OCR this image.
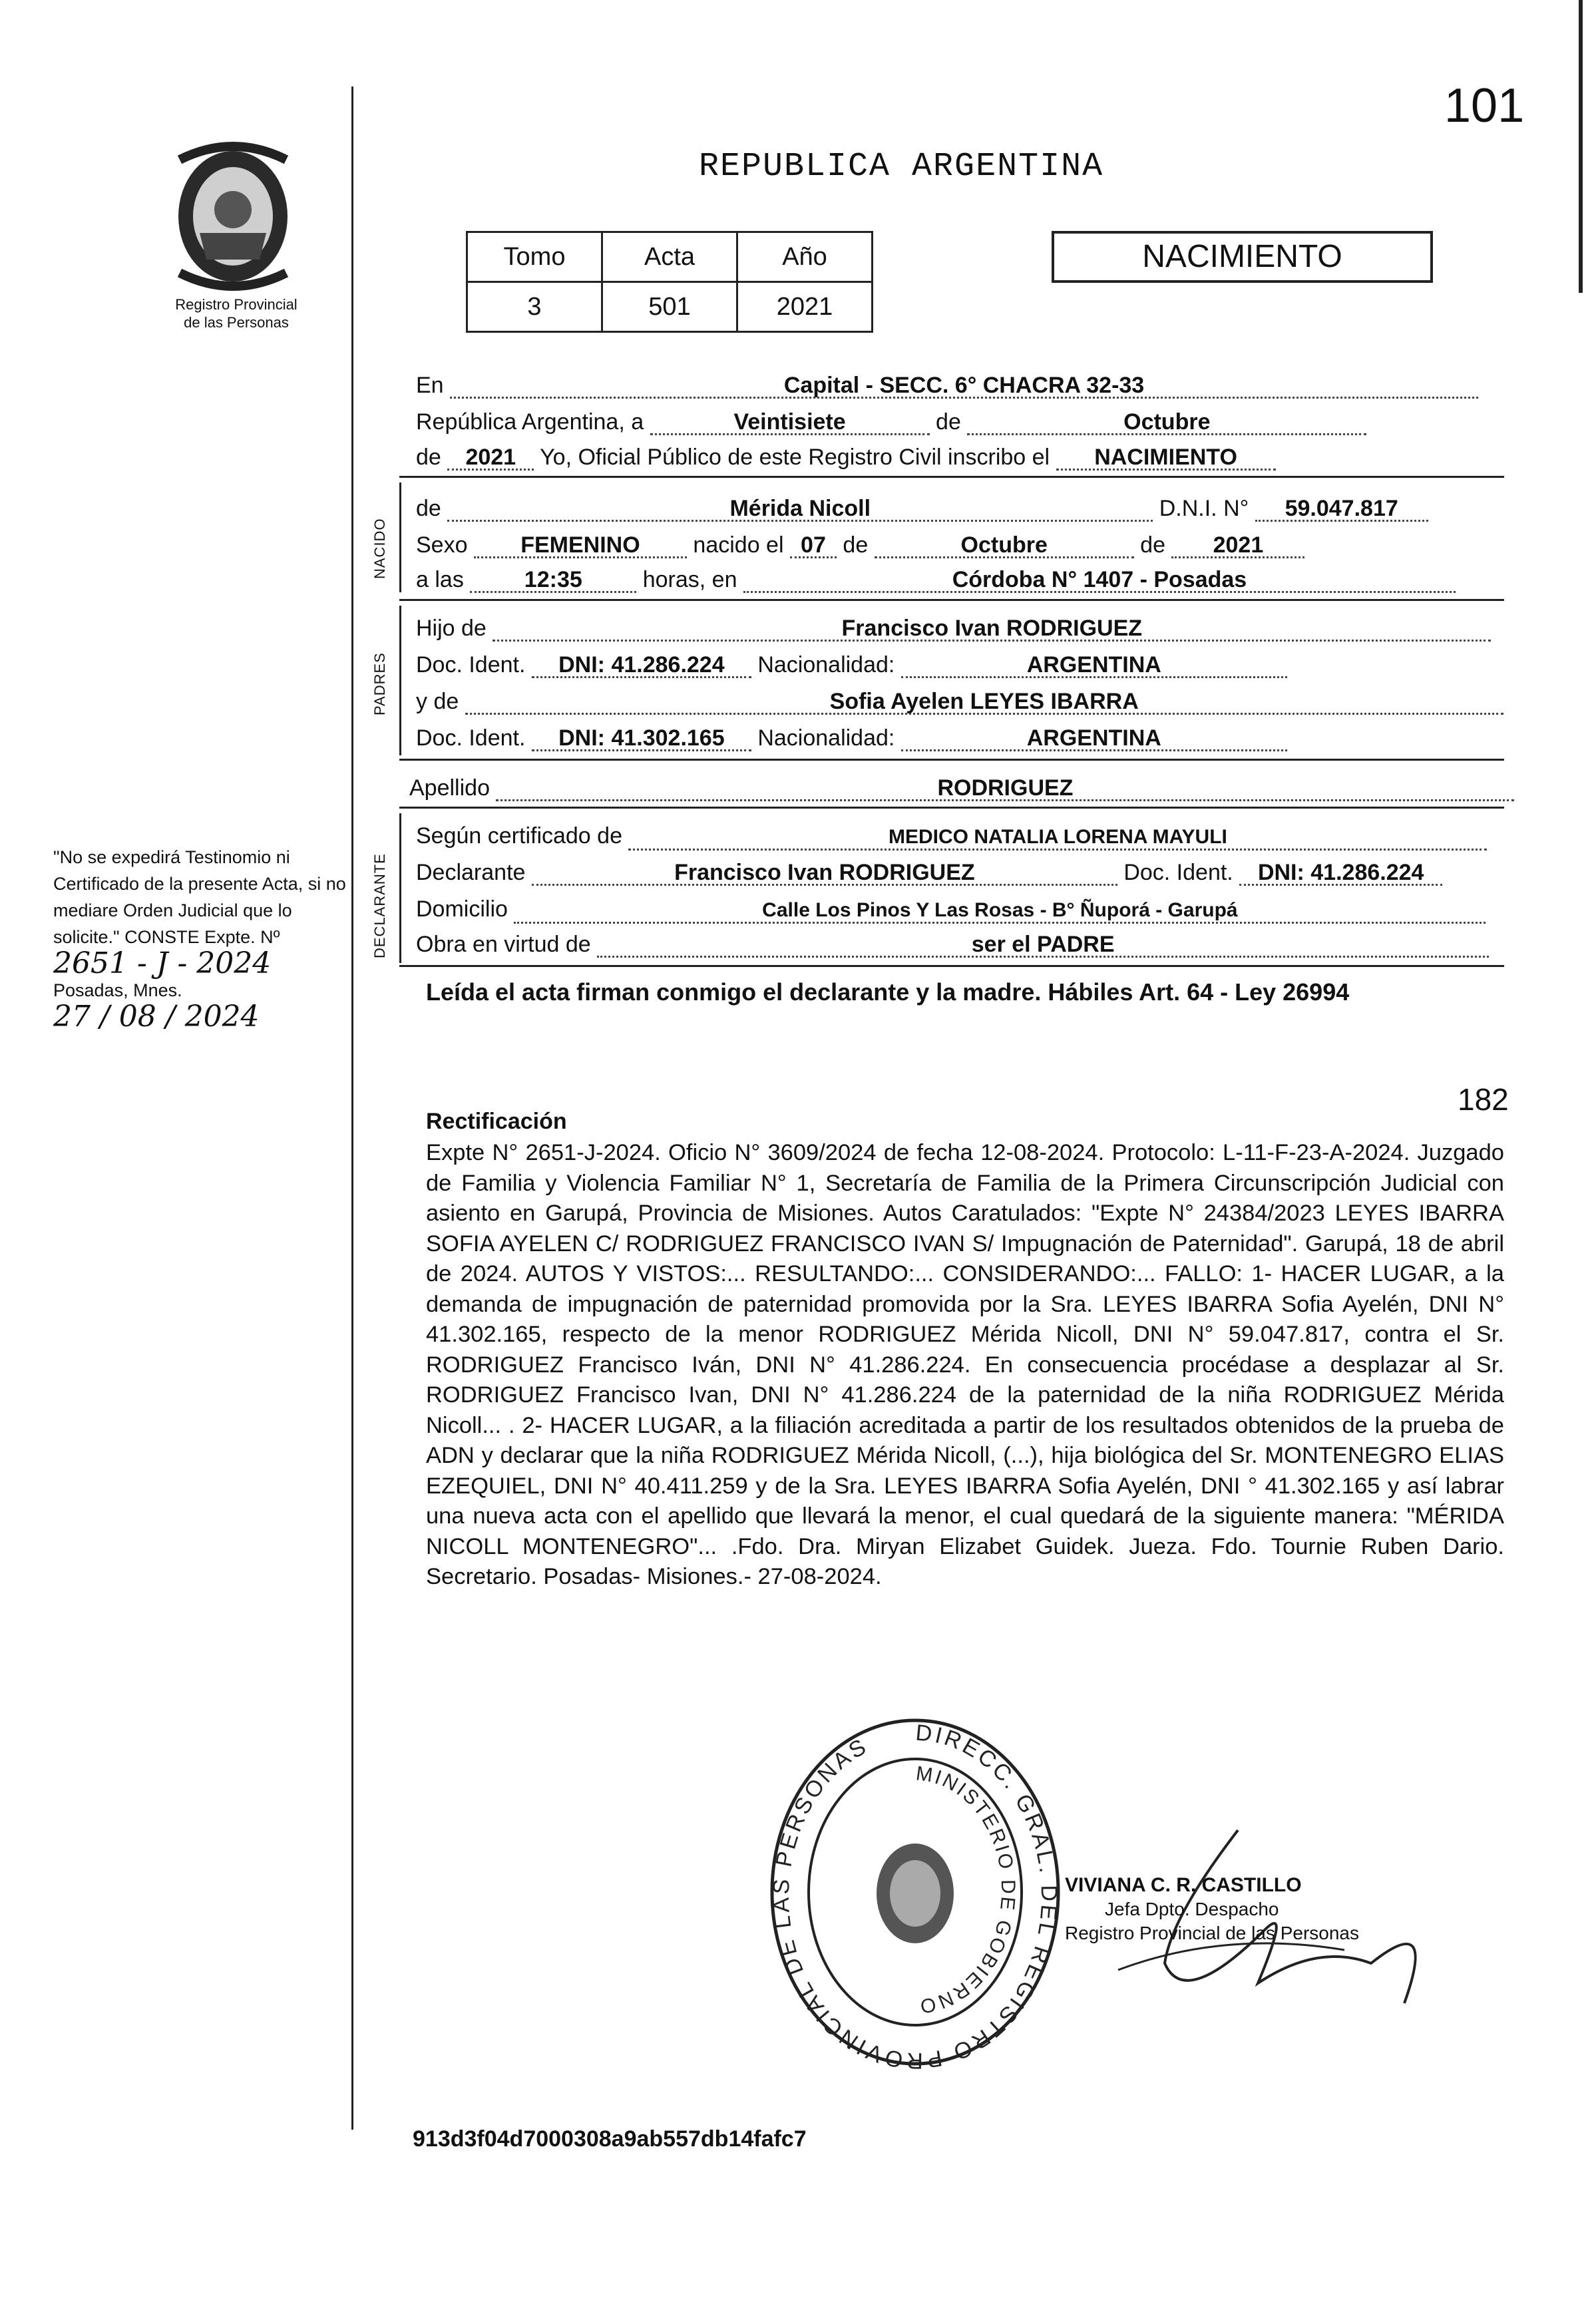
101
Registro Provincial
de las Personas
REPUBLICA ARGENTINA
Tomo	Acta	Año
3	501	2021
NACIMIENTO
En	Capital - SECC. 6° CHACRA 32-33
República Argentina, a	Veintisiete	de	Octubre
de 2021 Yo, Oficial Público de este Registro Civil inscribo el NACIMIENTO
NACIDO
de	Mérida Nicoll	D.N.I. N° 59.047.817
Sexo FEMENINO nacido el 07 de	Octubre	de 2021
a las	12:35	horas, en	Córdoba N° 1407 - Posadas
PADRES
Hijo de	Francisco Ivan RODRIGUEZ
Doc. Ident. DNI: 41.286.224 Nacionalidad:	ARGENTINA
y de	Sofia Ayelen LEYES IBARRA
Doc. Ident. DNI: 41.302.165 Nacionalidad:	ARGENTINA
Apellido	RODRIGUEZ
DECLARANTE
Según certificado de	MEDICO NATALIA LORENA MAYULI
Declarante	Francisco Ivan RODRIGUEZ	Doc. Ident. DNI: 41.286.224
Domicilio	Calle Los Pinos Y Las Rosas - B° Ñuporá - Garupá
Obra en virtud de	ser el PADRE
Leída el acta firman conmigo el declarante y la madre. Hábiles Art. 64 - Ley 26994
"No se expedirá Testinomio ni Certificado de la presente Acta, si no mediare Orden Judicial que lo solicite." CONSTE Expte. Nº
2651 - J - 2024
Posadas, Mnes.
27 / 08 / 2024
182
Rectificación
Expte N° 2651-J-2024. Oficio N° 3609/2024 de fecha 12-08-2024. Protocolo: L-11-F-23-A-2024. Juzgado de Familia y Violencia Familiar N° 1, Secretaría de Familia de la Primera Circunscripción Judicial con asiento en Garupá, Provincia de Misiones. Autos Caratulados: "Expte N° 24384/2023 LEYES IBARRA SOFIA AYELEN C/ RODRIGUEZ FRANCISCO IVAN S/ Impugnación de Paternidad". Garupá, 18 de abril de 2024. AUTOS Y VISTOS:... RESULTANDO:... CONSIDERANDO:... FALLO: 1- HACER LUGAR, a la demanda de impugnación de paternidad promovida por la Sra. LEYES IBARRA Sofia Ayelén, DNI N° 41.302.165, respecto de la menor RODRIGUEZ Mérida Nicoll, DNI N° 59.047.817, contra el Sr. RODRIGUEZ Francisco Iván, DNI N° 41.286.224. En consecuencia procédase a desplazar al Sr. RODRIGUEZ Francisco Ivan, DNI N° 41.286.224 de la paternidad de la niña RODRIGUEZ Mérida Nicoll... . 2- HACER LUGAR, a la filiación acreditada a partir de los resultados obtenidos de la prueba de ADN y declarar que la niña RODRIGUEZ Mérida Nicoll, (...), hija biológica del Sr. MONTENEGRO ELIAS EZEQUIEL, DNI N° 40.411.259 y de la Sra. LEYES IBARRA Sofia Ayelén, DNI ° 41.302.165 y así labrar una nueva acta con el apellido que llevará la menor, el cual quedará de la siguiente manera: "MÉRIDA NICOLL MONTENEGRO"... .Fdo. Dra. Miryan Elizabet Guidek. Jueza. Fdo. Tournie Ruben Dario. Secretario. Posadas- Misiones.- 27-08-2024.
DIRECC. GRAL. DEL REGISTRO PROVINCIAL DE LAS PERSONAS
MINISTERIO DE GOBIERNO
VIVIANA C. R. CASTILLO
Jefa Dpto. Despacho
Registro Provincial de las Personas
913d3f04d7000308a9ab557db14fafc7
